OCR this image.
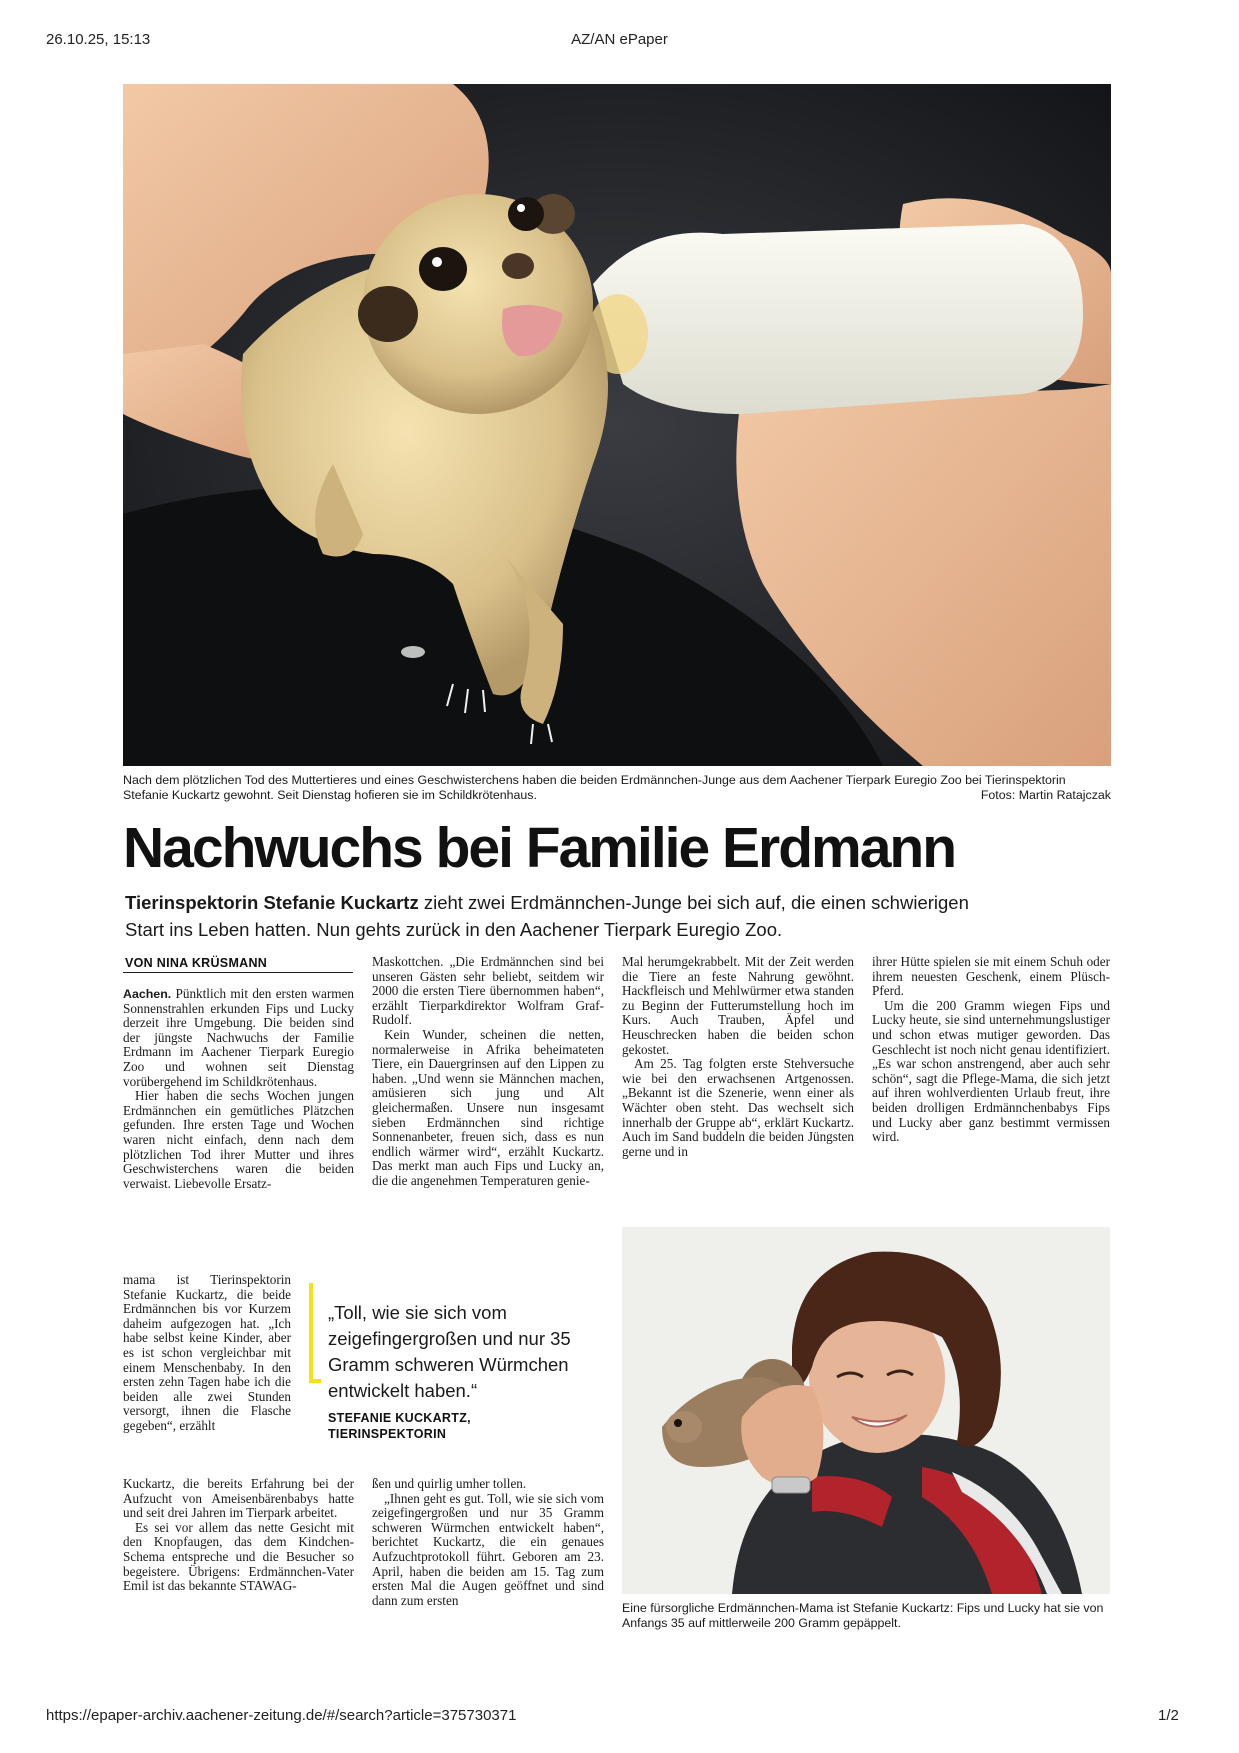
26.10.25, 15:13	AZ/AN ePaper
Nach dem plötzlichen Tod des Muttertieres und eines Geschwisterchens haben die beiden Erdmännchen-Junge aus dem Aachener Tierpark Euregio Zoo bei Tierinspektorin Stefanie Kuckartz gewohnt. Seit Dienstag hofieren sie im Schildkrötenhaus.	Fotos: Martin Ratajczak
Nachwuchs bei Familie Erdmann
Tierinspektorin Stefanie Kuckartz zieht zwei Erdmännchen-Junge bei sich auf, die einen schwierigen Start ins Leben hatten. Nun gehts zurück in den Aachener Tierpark Euregio Zoo.
VON NINA KRÜSMANN

Aachen. Pünktlich mit den ersten warmen Sonnenstrahlen erkunden Fips und Lucky derzeit ihre Umgebung. Die beiden sind der jüngste Nachwuchs der Familie Erdmann im Aachener Tierpark Euregio Zoo und wohnen seit Dienstag vorübergehend im Schildkrötenhaus.

Hier haben die sechs Wochen jungen Erdmännchen ein gemütliches Plätzchen gefunden. Ihre ersten Tage und Wochen waren nicht einfach, denn nach dem plötzlichen Tod ihrer Mutter und ihres Geschwisterchens waren die beiden verwaist. Liebevolle Ersatz-

mama ist Tierinspektorin Stefanie Kuckartz, die beide Erdmännchen bis vor Kurzem daheim aufgezogen hat. „Ich habe selbst keine Kinder, aber es ist schon vergleichbar mit einem Menschenbaby. In den ersten zehn Tagen habe ich die beiden alle zwei Stunden versorgt, ihnen die Flasche gegeben“, erzählt

Kuckartz, die bereits Erfahrung bei der Aufzucht von Ameisenbärenbabys hatte und seit drei Jahren im Tierpark arbeitet.

Es sei vor allem das nette Gesicht mit den Knopfaugen, das dem Kindchen-Schema entspreche und die Besucher so begeistere. Übrigens: Erdmännchen-Vater Emil ist das bekannte STAWAG-

Maskottchen. „Die Erdmännchen sind bei unseren Gästen sehr beliebt, seitdem wir 2000 die ersten Tiere übernommen haben“, erzählt Tierparkdirektor Wolfram Graf-Rudolf.

Kein Wunder, scheinen die netten, normalerweise in Afrika beheimateten Tiere, ein Dauergrinsen auf den Lippen zu haben. „Und wenn sie Männchen machen, amüsieren sich jung und Alt gleichermaßen. Unsere nun insgesamt sieben Erdmännchen sind richtige Sonnenanbeter, freuen sich, dass es nun endlich wärmer wird“, erzählt Kuckartz. Das merkt man auch Fips und Lucky an, die die angenehmen Temperaturen genie-

„Toll, wie sie sich vom zeigefingergroßen und nur 35 Gramm schweren Würmchen entwickelt haben.“
STEFANIE KUCKARTZ,
TIERINSPEKTORIN

ßen und quirlig umher tollen.

„Ihnen geht es gut. Toll, wie sie sich vom zeigefingergroßen und nur 35 Gramm schweren Würmchen entwickelt haben“, berichtet Kuckartz, die ein genaues Aufzuchtprotokoll führt. Geboren am 23. April, haben die beiden am 15. Tag zum ersten Mal die Augen geöffnet und sind dann zum ersten

Mal herumgekrabbelt. Mit der Zeit werden die Tiere an feste Nahrung gewöhnt. Hackfleisch und Mehlwürmer etwa standen zu Beginn der Futterumstellung hoch im Kurs. Auch Trauben, Äpfel und Heuschrecken haben die beiden schon gekostet.

Am 25. Tag folgten erste Stehversuche wie bei den erwachsenen Artgenossen. „Bekannt ist die Szenerie, wenn einer als Wächter oben steht. Das wechselt sich innerhalb der Gruppe ab“, erklärt Kuckartz. Auch im Sand buddeln die beiden Jüngsten gerne und in

ihrer Hütte spielen sie mit einem Schuh oder ihrem neuesten Geschenk, einem Plüsch-Pferd.

Um die 200 Gramm wiegen Fips und Lucky heute, sie sind unternehmungslustiger und schon etwas mutiger geworden. Das Geschlecht ist noch nicht genau identifiziert. „Es war schon anstrengend, aber auch sehr schön“, sagt die Pflege-Mama, die sich jetzt auf ihren wohlverdienten Urlaub freut, ihre beiden drolligen Erdmännchenbabys Fips und Lucky aber ganz bestimmt vermissen wird.

Eine fürsorgliche Erdmännchen-Mama ist Stefanie Kuckartz: Fips und Lucky hat sie von Anfangs 35 auf mittlerweile 200 Gramm gepäppelt.
https://epaper-archiv.aachener-zeitung.de/#/search?article=375730371	1/2
